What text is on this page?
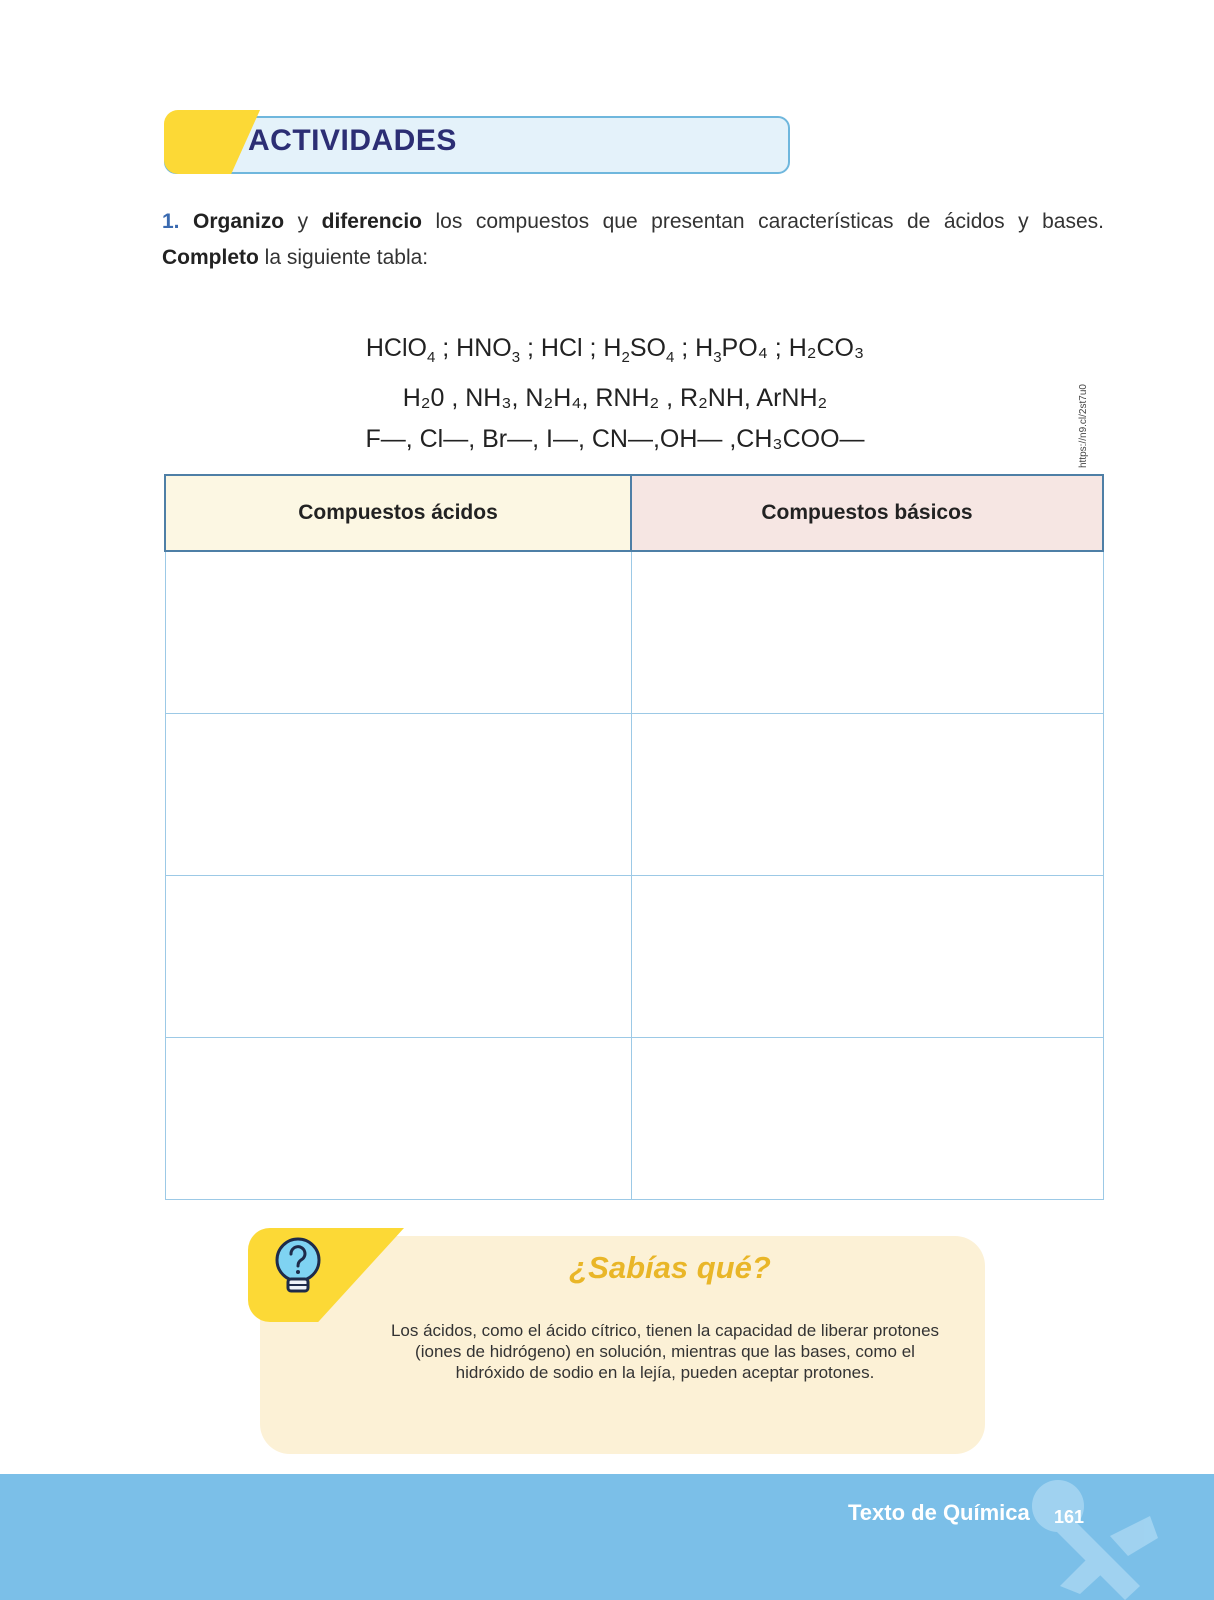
ACTIVIDADES
1. Organizo y diferencio los compuestos que presentan características de ácidos y bases. Completo la siguiente tabla:
HClO$_4$ ; $HNO_3$ ; HCl ; $H_2SO_4$ ; $H_3PO_4$ ; H₂CO₃
H₂0 , NH₃, N₂H₄, RNH₂ , R₂NH, ArNH₂
F—, Cl—, Br—, I—, CN—,OH— ,CH₃COO—	https://n9.cl/2st7u0
Compuestos ácidos	Compuestos básicos

¿Sabías qué?
Los ácidos, como el ácido cítrico, tienen la capacidad de liberar protones (iones de hidrógeno) en solución, mientras que las bases, como el hidróxido de sodio en la lejía, pueden aceptar protones.
Texto de Química 161
